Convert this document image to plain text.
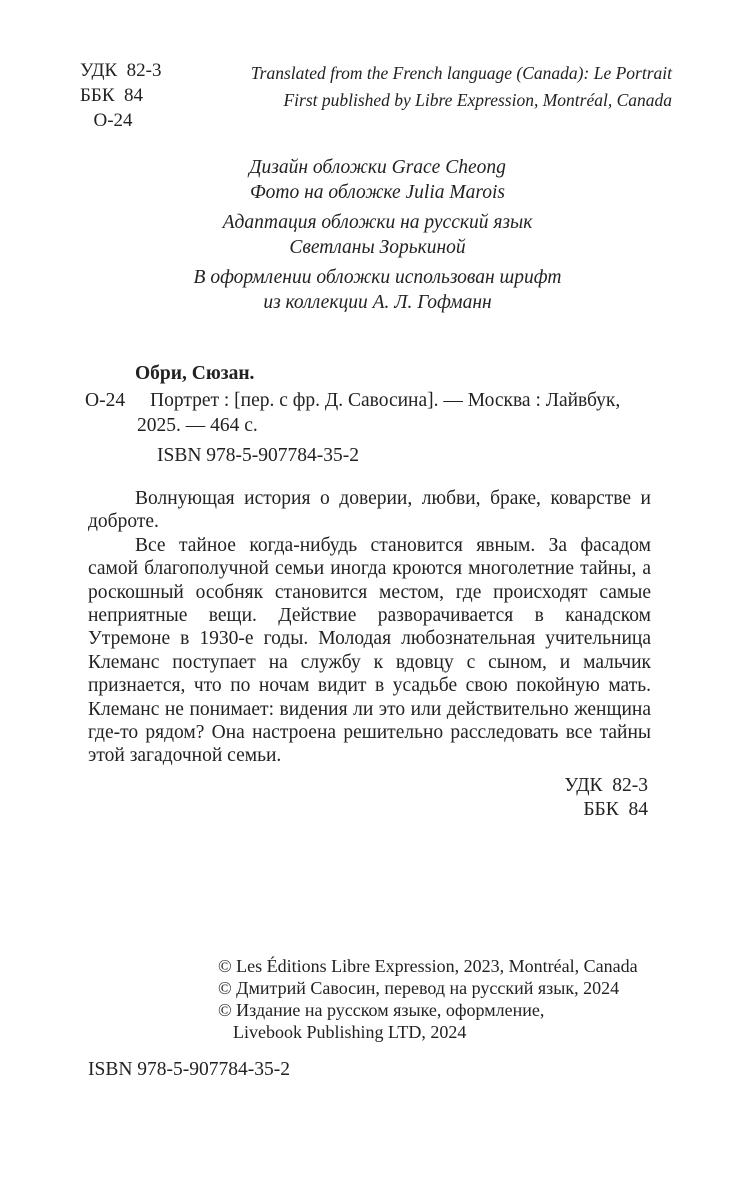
УДК  82-3
ББК  84
О-24
Translated from the French language (Canada): Le Portrait
First published by Libre Expression, Montréal, Canada
Дизайн обложки Grace Cheong
Фото на обложке Julia Marois
Адаптация обложки на русский язык
Светланы Зорькиной
В оформлении обложки использован шрифт
из коллекции А. Л. Гофманн
Обри, Сюзан.
О-24 Портрет : [пер. с фр. Д. Савосина]. — Москва : Лайвбук,
2025. — 464 с.
ISBN 978-5-907784-35-2

Волнующая история о доверии, любви, браке, коварстве и доброте.

Все тайное когда-нибудь становится явным. За фасадом самой благополучной семьи иногда кроются многолетние тайны, а роскошный особняк становится местом, где происходят самые неприятные вещи. Действие разворачивается в канадском Утремоне в 1930-е годы. Молодая любознательная учительница Клеманс поступает на службу к вдовцу с сыном, и мальчик признается, что по ночам видит в усадьбе свою покойную мать. Клеманс не понимает: видения ли это или действительно женщина где-то рядом? Она настроена решительно расследовать все тайны этой загадочной семьи.

УДК  82-3
ББК  84
© Les Éditions Libre Expression, 2023, Montréal, Canada
© Дмитрий Савосин, перевод на русский язык, 2024
© Издание на русском языке, оформление,
Livebook Publishing LTD, 2024
ISBN 978-5-907784-35-2
